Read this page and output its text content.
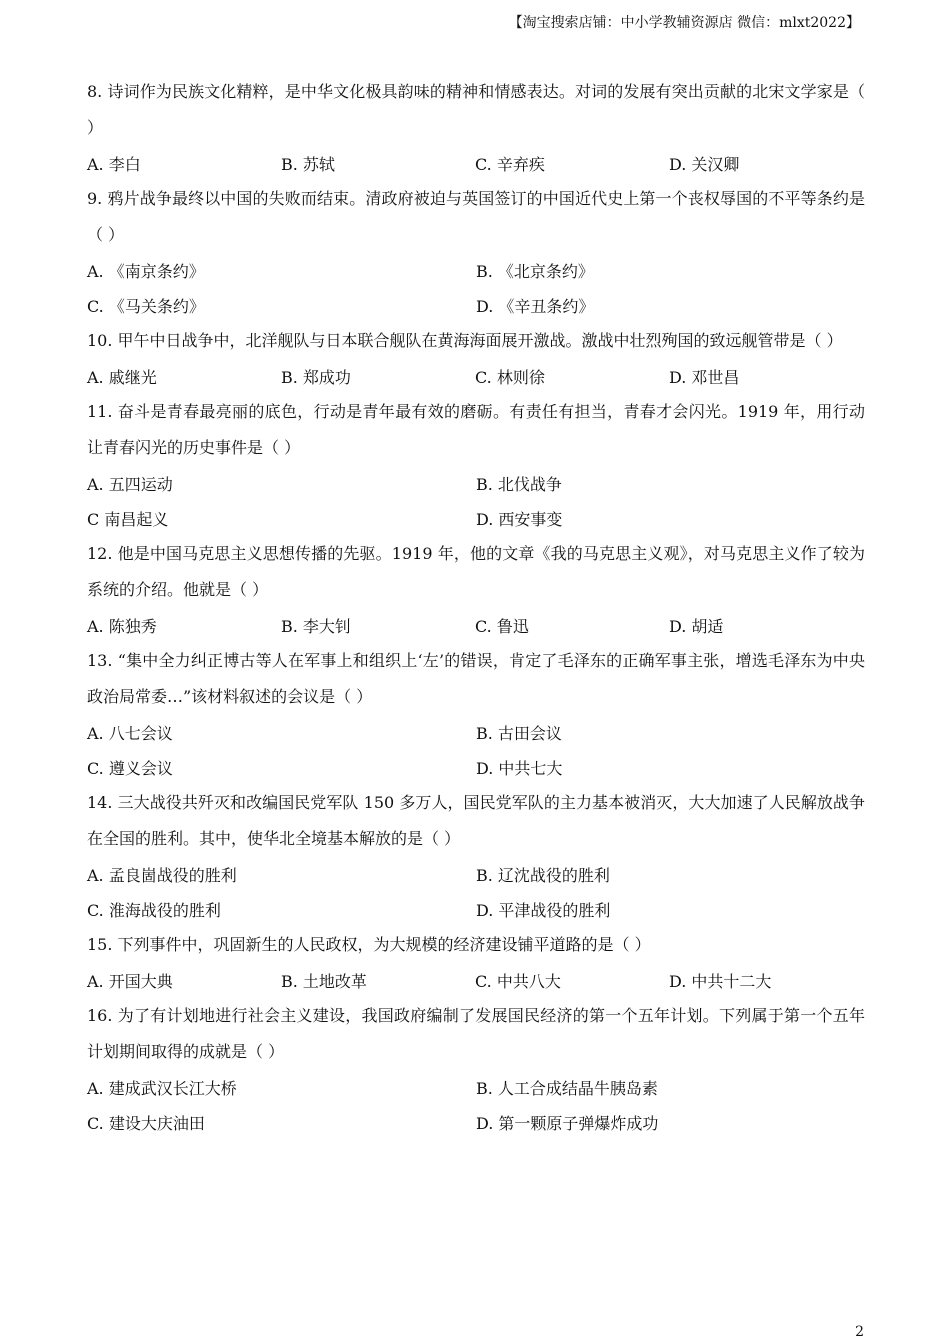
【淘宝搜索店铺：中小学教辅资源店 微信：mlxt2022】
8. 诗词作为民族文化精粹，是中华文化极具韵味的精神和情感表达。对词的发展有突出贡献的北宋文学家是（ ）
A. 李白	B. 苏轼	C. 辛弃疾	D. 关汉卿
9. 鸦片战争最终以中国的失败而结束。清政府被迫与英国签订的中国近代史上第一个丧权辱国的不平等条约是（ ）
A. 《南京条约》	B. 《北京条约》
C. 《马关条约》	D. 《辛丑条约》
10. 甲午中日战争中，北洋舰队与日本联合舰队在黄海海面展开激战。激战中壮烈殉国的致远舰管带是（ ）
A. 戚继光	B. 郑成功	C. 林则徐	D. 邓世昌
11. 奋斗是青春最亮丽的底色，行动是青年最有效的磨砺。有责任有担当，青春才会闪光。1919 年，用行动让青春闪光的历史事件是（ ）
A. 五四运动	B. 北伐战争
C 南昌起义	D. 西安事变
12. 他是中国马克思主义思想传播的先驱。1919 年，他的文章《我的马克思主义观》，对马克思主义作了较为系统的介绍。他就是（ ）
A. 陈独秀	B. 李大钊	C. 鲁迅	D. 胡适
13. “集中全力纠正博古等人在军事上和组织上‘左’的错误，肯定了毛泽东的正确军事主张，增选毛泽东为中央政治局常委…”该材料叙述的会议是（ ）
A. 八七会议	B. 古田会议
C. 遵义会议	D. 中共七大
14. 三大战役共歼灭和改编国民党军队 150 多万人，国民党军队的主力基本被消灭，大大加速了人民解放战争在全国的胜利。其中，使华北全境基本解放的是（ ）
A. 孟良崮战役的胜利	B. 辽沈战役的胜利
C. 淮海战役的胜利	D. 平津战役的胜利
15. 下列事件中，巩固新生的人民政权，为大规模的经济建设铺平道路的是（ ）
A. 开国大典	B. 土地改革	C. 中共八大	D. 中共十二大
16. 为了有计划地进行社会主义建设，我国政府编制了发展国民经济的第一个五年计划。下列属于第一个五年计划期间取得的成就是（ ）
A. 建成武汉长江大桥	B. 人工合成结晶牛胰岛素
C. 建设大庆油田	D. 第一颗原子弹爆炸成功
2
